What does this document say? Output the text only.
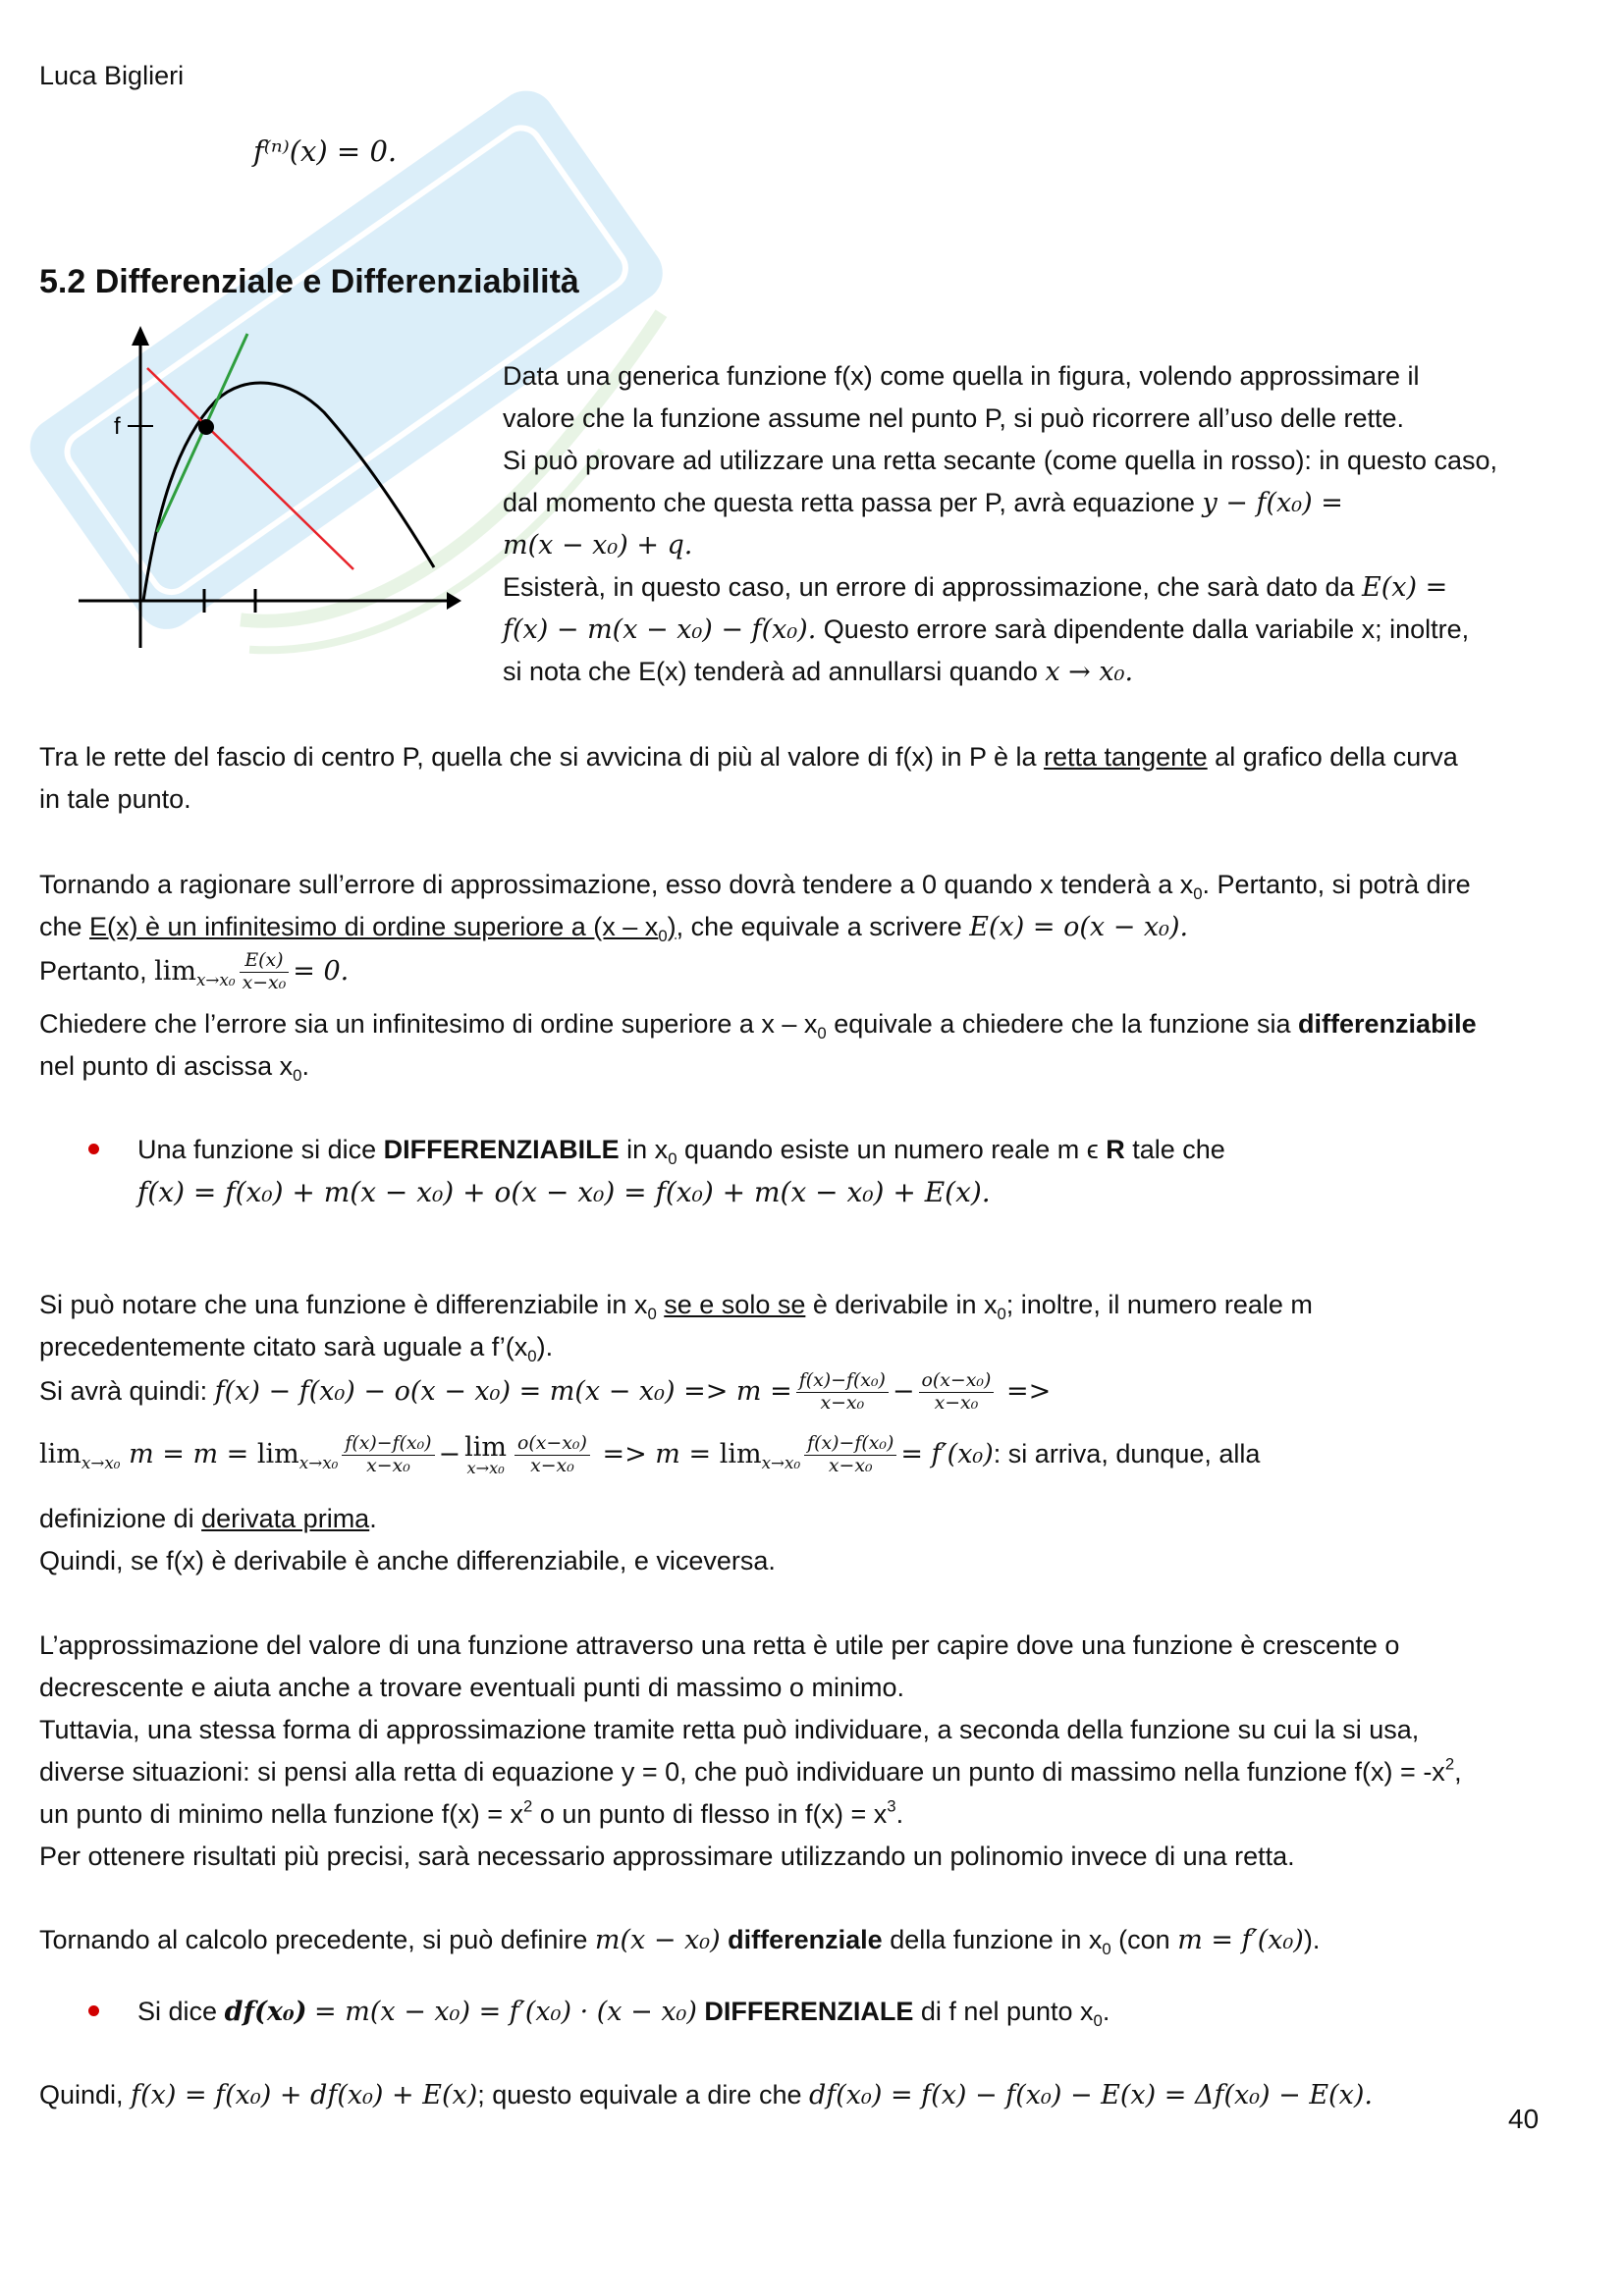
Luca Biglieri
f⁽ⁿ⁾(x) = 0.
5.2 Differenziale e Differenziabilità
f
Data una generica funzione f(x) come quella in figura, volendo approssimare il
valore che la funzione assume nel punto P, si può ricorrere all’uso delle rette.
Si può provare ad utilizzare una retta secante (come quella in rosso): in questo caso,
dal momento che questa retta passa per P, avrà equazione y − f(x₀) =
m(x − x₀) + q.
Esisterà, in questo caso, un errore di approssimazione, che sarà dato da E(x) =
f(x) − m(x − x₀) − f(x₀). Questo errore sarà dipendente dalla variabile x; inoltre,
si nota che E(x) tenderà ad annullarsi quando x → x₀.
Tra le rette del fascio di centro P, quella che si avvicina di più al valore di f(x) in P è la retta tangente al grafico della curva
in tale punto.
Tornando a ragionare sull’errore di approssimazione, esso dovrà tendere a 0 quando x tenderà a $x_0$. Pertanto, si potrà dire
che E(x) è un infinitesimo di ordine superiore a $(x - x_0)$, che equivale a scrivere E(x) = o(x − x₀).
Pertanto, $\lim_{x\to x_0} \frac{E(x)}{\text{x−x₀}} = 0$.
Chiedere che l’errore sia un infinitesimo di ordine superiore a x – $x_0$ equivale a chiedere che la funzione sia differenziabile
nel punto di ascissa $x_0$.
Una funzione si dice DIFFERENZIABILE in $x_0$ quando esiste un numero reale m ϵ R tale che
f(x) = f(x₀) + m(x − x₀) + o(x − x₀) = f(x₀) + m(x − x₀) + E(x).
Si può notare che una funzione è differenziabile in $x_0$ se e solo se è derivabile in $x_0$; inoltre, il numero reale m
precedentemente citato sarà uguale a $f’(x_0)$.
Si avrà quindi: $f(x) - f(x_0) - o(x - x_0) = m(x - x_0) => m = \frac{\text{f(x)−f(x₀)}}{\text{x−x₀}} - \frac{\text{o(x−x₀)}}{\text{x−x₀}}$ =>
$\lim_{x\to x_0} m = m = \lim_{x\to x_0} \frac{\text{f(x)−f(x₀)}}{\text{x−x₀}} - \lim$
$x\to x_0 \frac{\text{o(x−x₀)}}{\text{x−x₀}} => m = \lim_{x\to x_0} \frac{\text{f(x)−f(x₀)}}{\text{x−x₀}} = f'(x_0)$: si arriva, dunque, alla
definizione di derivata prima.
Quindi, se f(x) è derivabile è anche differenziabile, e viceversa.
L’approssimazione del valore di una funzione attraverso una retta è utile per capire dove una funzione è crescente o
decrescente e aiuta anche a trovare eventuali punti di massimo o minimo.
Tuttavia, una stessa forma di approssimazione tramite retta può individuare, a seconda della funzione su cui la si usa,
diverse situazioni: si pensi alla retta di equazione y = 0, che può individuare un punto di massimo nella funzione $f(x) = -x^2$,
un punto di minimo nella funzione $f(x) = x^2$ o un punto di flesso in $f(x) = x^3$.
Per ottenere risultati più precisi, sarà necessario approssimare utilizzando un polinomio invece di una retta.
Tornando al calcolo precedente, si può definire m(x − x₀) differenziale della funzione in $x_0$ (con m = f′(x₀)).
Si dice df(x₀) = m(x − x₀) = f′(x₀) · (x − x₀) DIFFERENZIALE di f nel punto $x_0$.
Quindi, f(x) = f(x₀) + df(x₀) + E(x); questo equivale a dire che df(x₀) = f(x) − f(x₀) − E(x) = Δf(x₀) − E(x).
40
